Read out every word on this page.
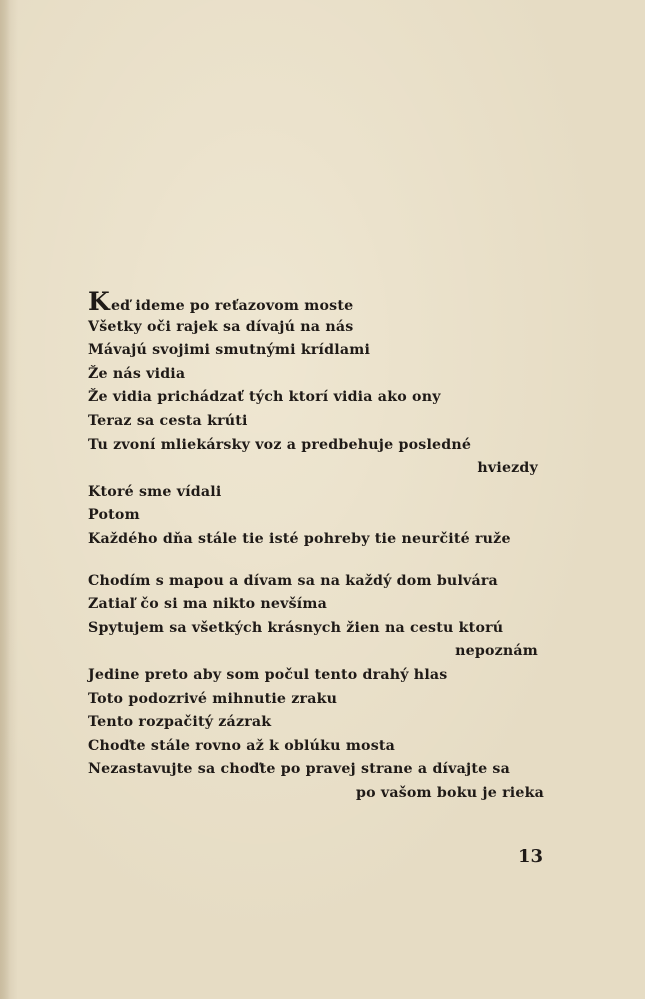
Keď ideme po reťazovom moste
Všetky oči rajek sa dívajú na nás
Mávajú svojimi smutnými krídlami
Že nás vidia
Že vidia prichádzať tých ktorí vidia ako ony
Teraz sa cesta krúti
Tu zvoní mliekársky voz a predbehuje posledné
hviezdy
Ktoré sme vídali
Potom
Každého dňa stále tie isté pohreby tie neurčité ruže
Chodím s mapou a dívam sa na každý dom bulvára
Zatiaľ čo si ma nikto nevšíma
Spytujem sa všetkých krásnych žien na cestu ktorú
nepoznám
Jedine preto aby som počul tento drahý hlas
Toto podozrivé mihnutie zraku
Tento rozpačitý zázrak
Choďte stále rovno až k oblúku mosta
Nezastavujte sa choďte po pravej strane a dívajte sa
po vašom boku je rieka
13
